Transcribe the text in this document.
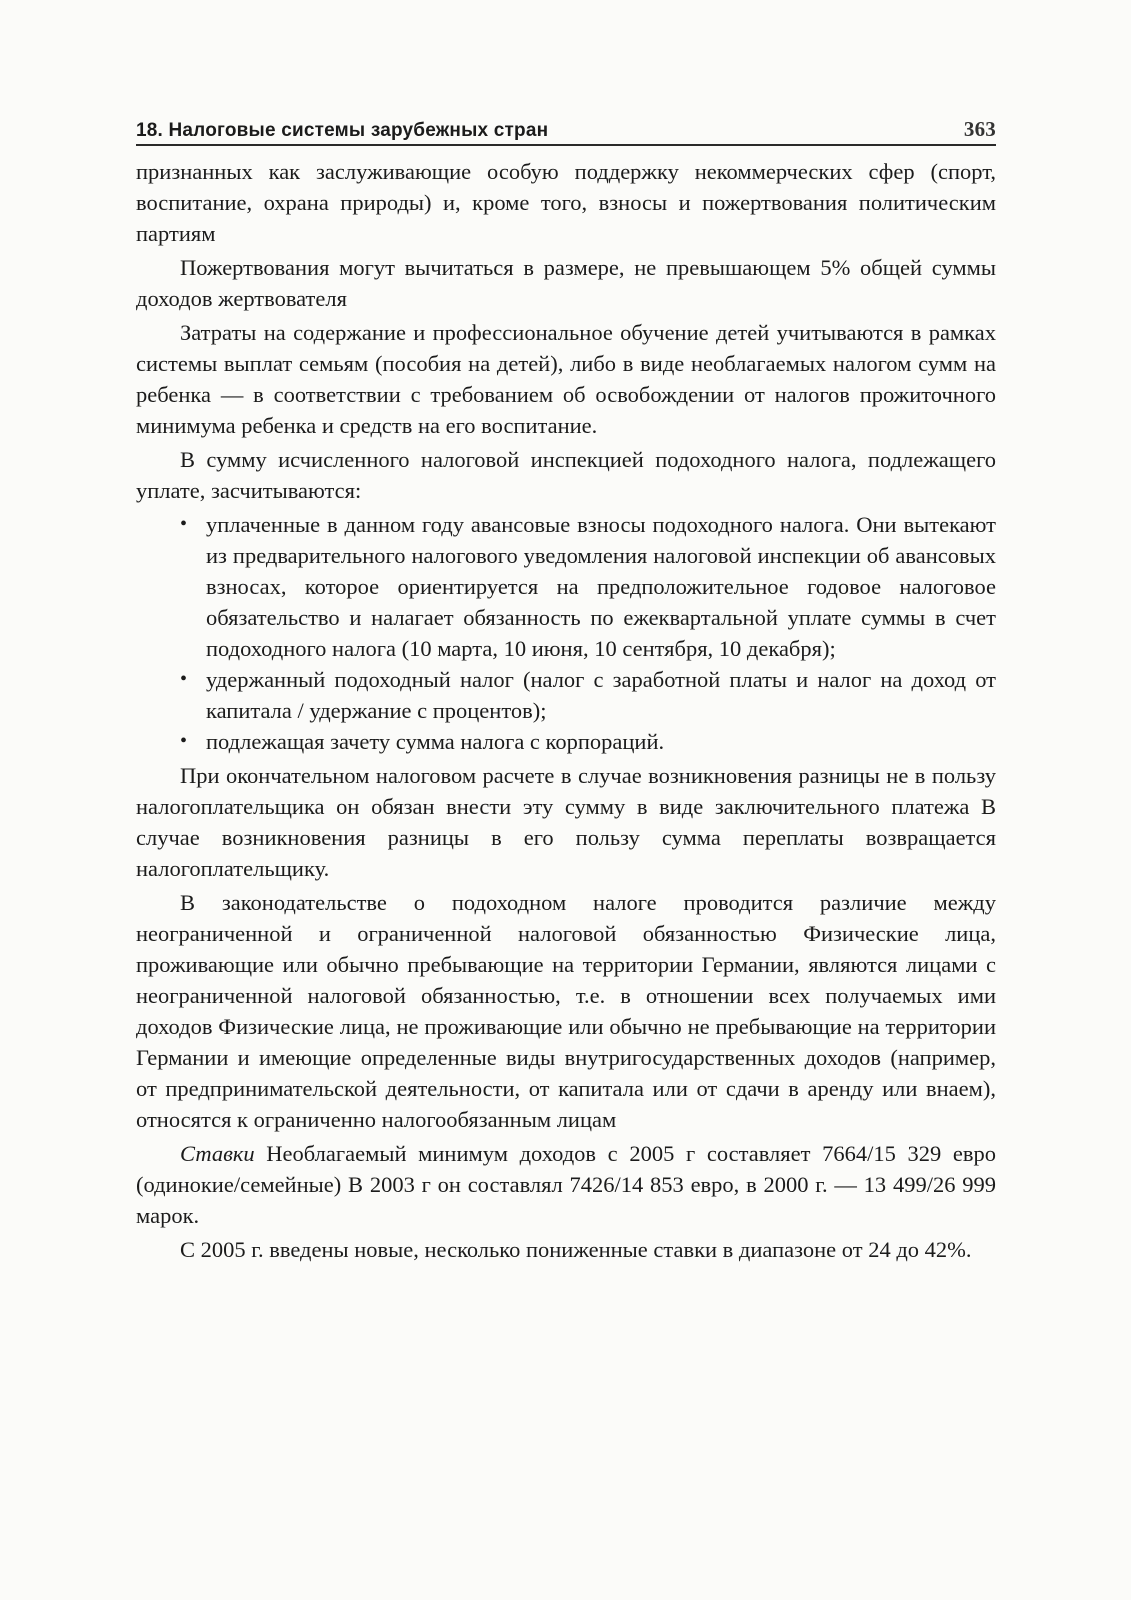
18. Налоговые системы зарубежных стран	363

признанных как заслуживающие особую поддержку некоммерческих сфер (спорт, воспитание, охрана природы) и, кроме того, взносы и пожертвования политическим партиям

Пожертвования могут вычитаться в размере, не превышающем 5% общей суммы доходов жертвователя

Затраты на содержание и профессиональное обучение детей учитываются в рамках системы выплат семьям (пособия на детей), либо в виде необлагаемых налогом сумм на ребенка — в соответствии с требованием об освобождении от налогов прожиточного минимума ребенка и средств на его воспитание.

В сумму исчисленного налоговой инспекцией подоходного налога, подлежащего уплате, засчитываются:

• уплаченные в данном году авансовые взносы подоходного налога. Они вытекают из предварительного налогового уведомления налоговой инспекции об авансовых взносах, которое ориентируется на предположительное годовое налоговое обязательство и налагает обязанность по ежеквартальной уплате суммы в счет подоходного налога (10 марта, 10 июня, 10 сентября, 10 декабря);
• удержанный подоходный налог (налог с заработной платы и налог на доход от капитала / удержание с процентов);
• подлежащая зачету сумма налога с корпораций.

При окончательном налоговом расчете в случае возникновения разницы не в пользу налогоплательщика он обязан внести эту сумму в виде заключительного платежа В случае возникновения разницы в его пользу сумма переплаты возвращается налогоплательщику.

В законодательстве о подоходном налоге проводится различие между неограниченной и ограниченной налоговой обязанностью Физические лица, проживающие или обычно пребывающие на территории Германии, являются лицами с неограниченной налоговой обязанностью, т.е. в отношении всех получаемых ими доходов Физические лица, не проживающие или обычно не пребывающие на территории Германии и имеющие определенные виды внутригосударственных доходов (например, от предпринимательской деятельности, от капитала или от сдачи в аренду или внаем), относятся к ограниченно налогообязанным лицам

Ставки Необлагаемый минимум доходов с 2005 г составляет 7664/15 329 евро (одинокие/семейные) В 2003 г он составлял 7426/14 853 евро, в 2000 г. — 13 499/26 999 марок.

С 2005 г. введены новые, несколько пониженные ставки в диапазоне от 24 до 42%.
